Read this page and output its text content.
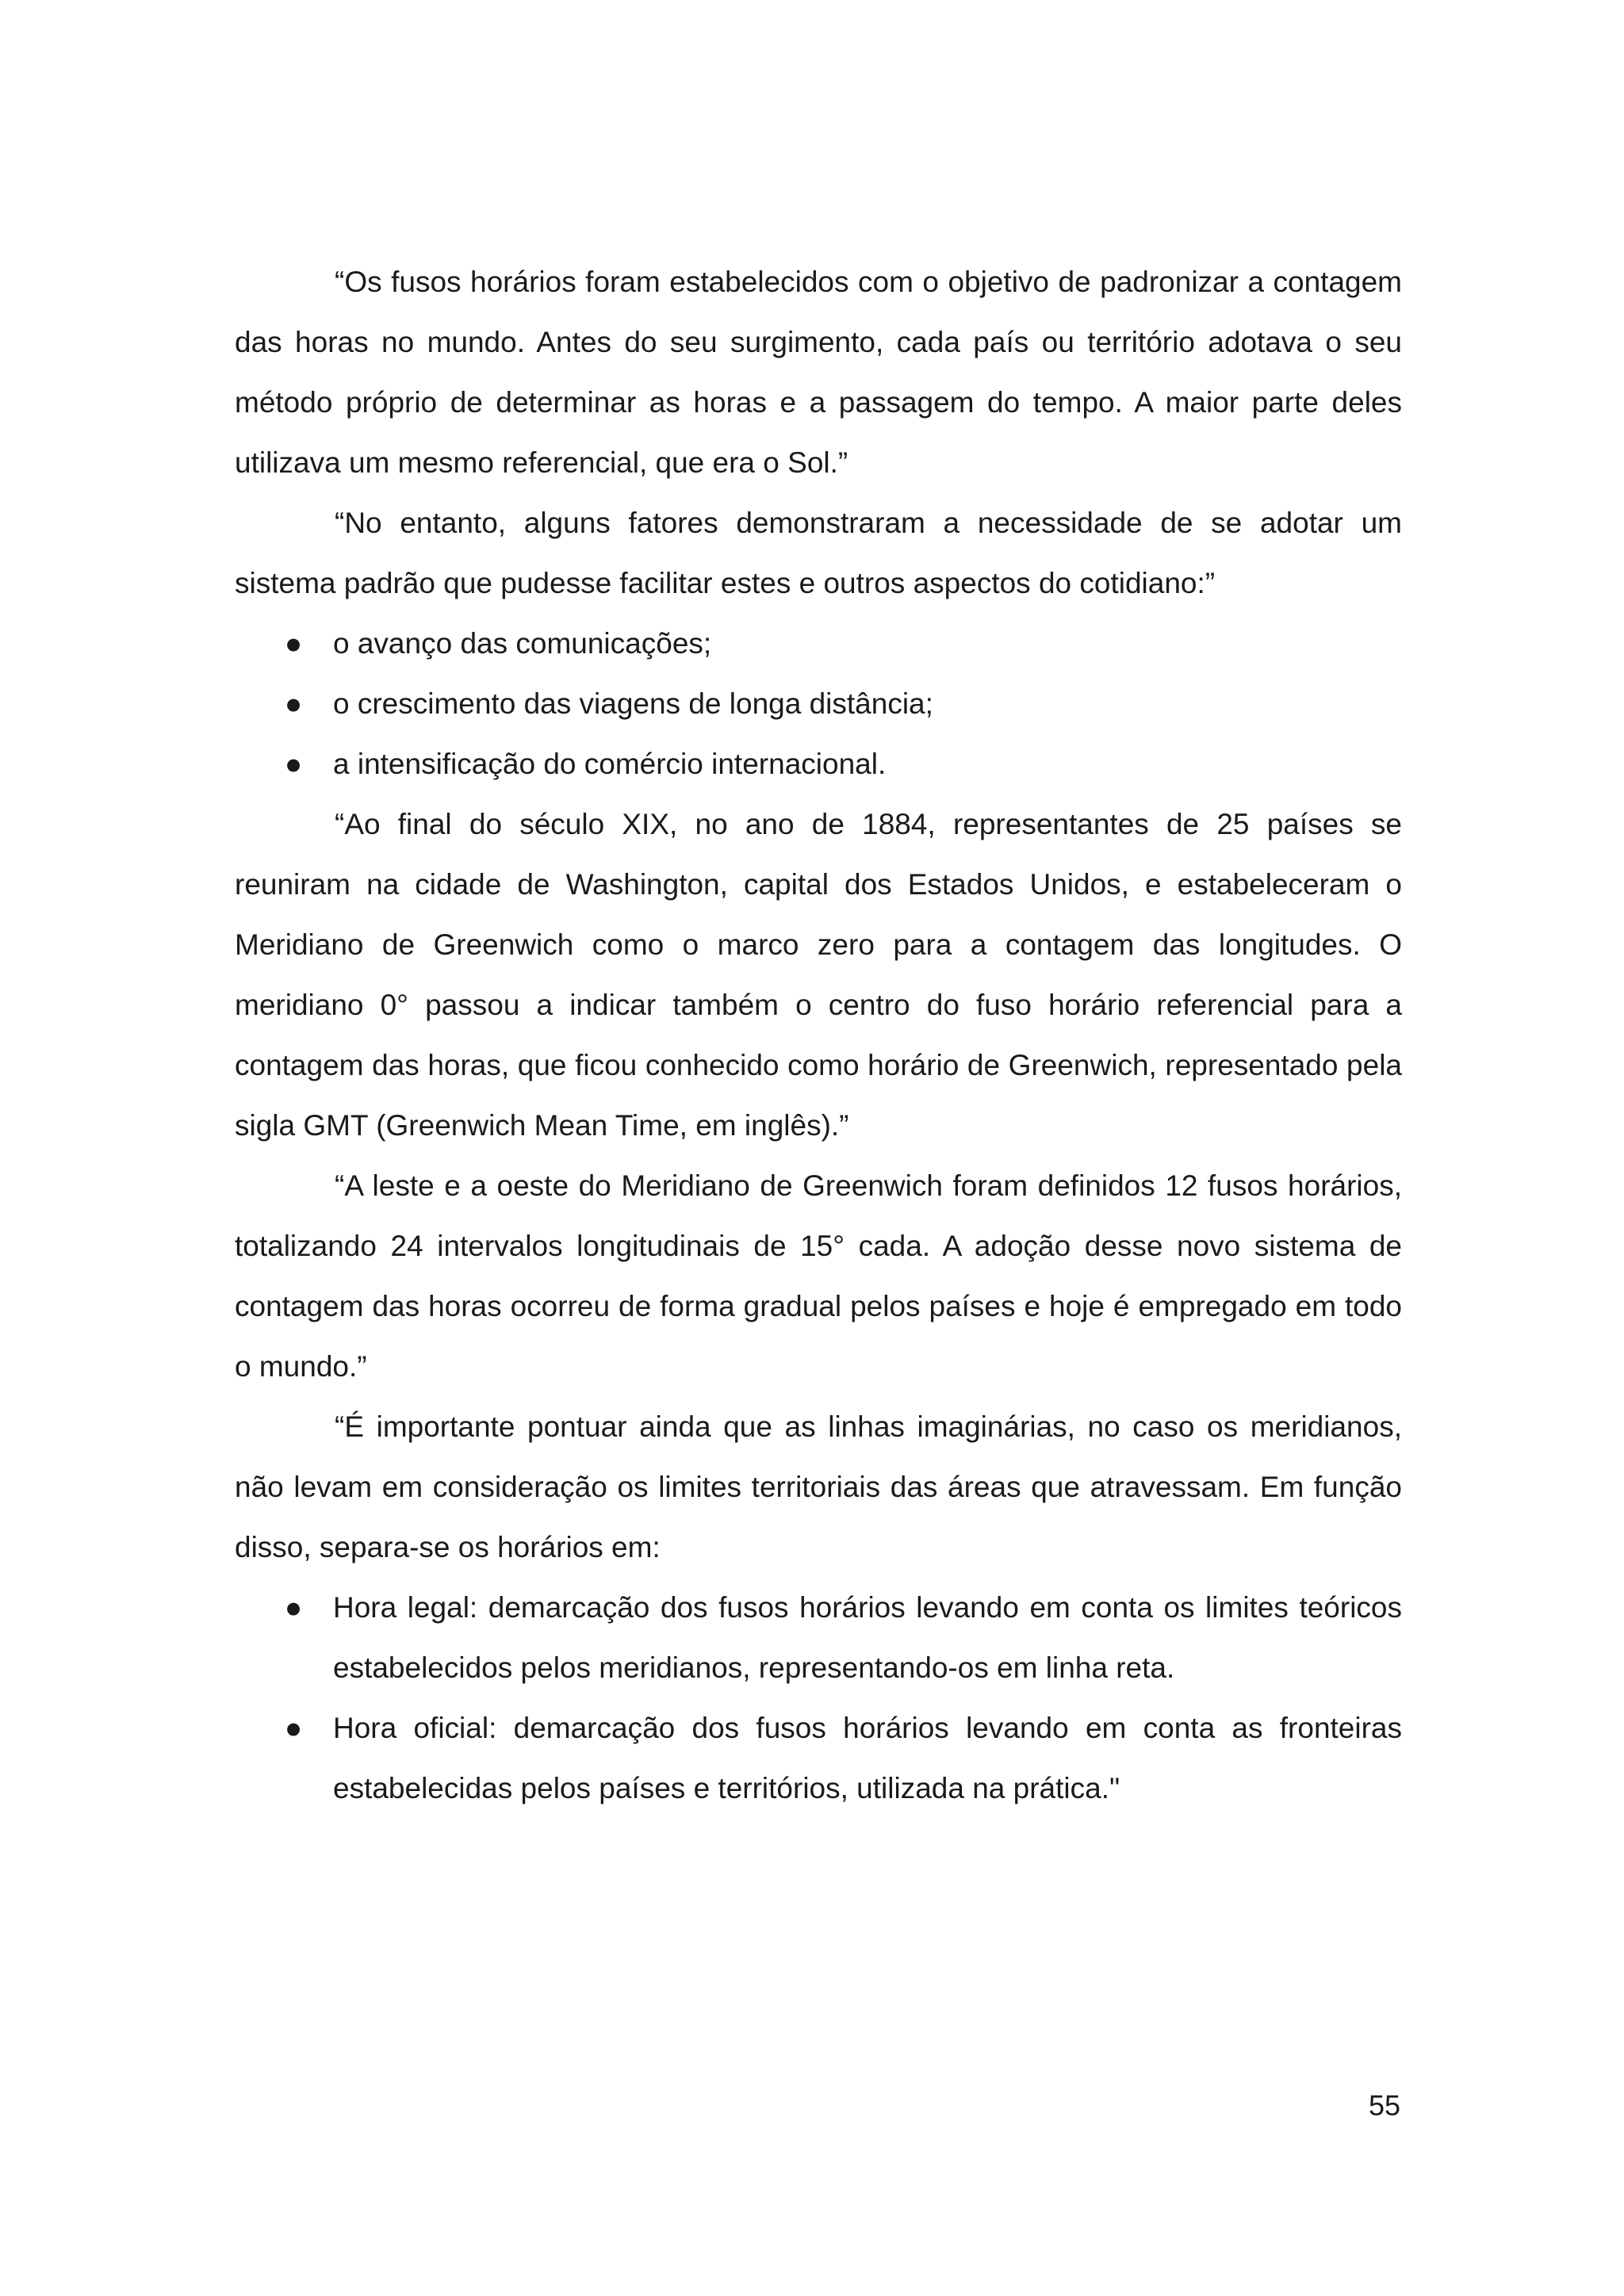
“Os fusos horários foram estabelecidos com o objetivo de padronizar a contagem das horas no mundo. Antes do seu surgimento, cada país ou território adotava o seu método próprio de determinar as horas e a passagem do tempo. A maior parte deles utilizava um mesmo referencial, que era o Sol.”

“No entanto, alguns fatores demonstraram a necessidade de se adotar um sistema padrão que pudesse facilitar estes e outros aspectos do cotidiano:”

● o avanço das comunicações;
● o crescimento das viagens de longa distância;
● a intensificação do comércio internacional.

“Ao final do século XIX, no ano de 1884, representantes de 25 países se reuniram na cidade de Washington, capital dos Estados Unidos, e estabeleceram o Meridiano de Greenwich como o marco zero para a contagem das longitudes. O meridiano 0° passou a indicar também o centro do fuso horário referencial para a contagem das horas, que ficou conhecido como horário de Greenwich, representado pela sigla GMT (Greenwich Mean Time, em inglês).”

“A leste e a oeste do Meridiano de Greenwich foram definidos 12 fusos horários, totalizando 24 intervalos longitudinais de 15° cada. A adoção desse novo sistema de contagem das horas ocorreu de forma gradual pelos países e hoje é empregado em todo o mundo.”

“É importante pontuar ainda que as linhas imaginárias, no caso os meridianos, não levam em consideração os limites territoriais das áreas que atravessam. Em função disso, separa-se os horários em:

● Hora legal: demarcação dos fusos horários levando em conta os limites teóricos estabelecidos pelos meridianos, representando-os em linha reta.
● Hora oficial: demarcação dos fusos horários levando em conta as fronteiras estabelecidas pelos países e territórios, utilizada na prática."
55
